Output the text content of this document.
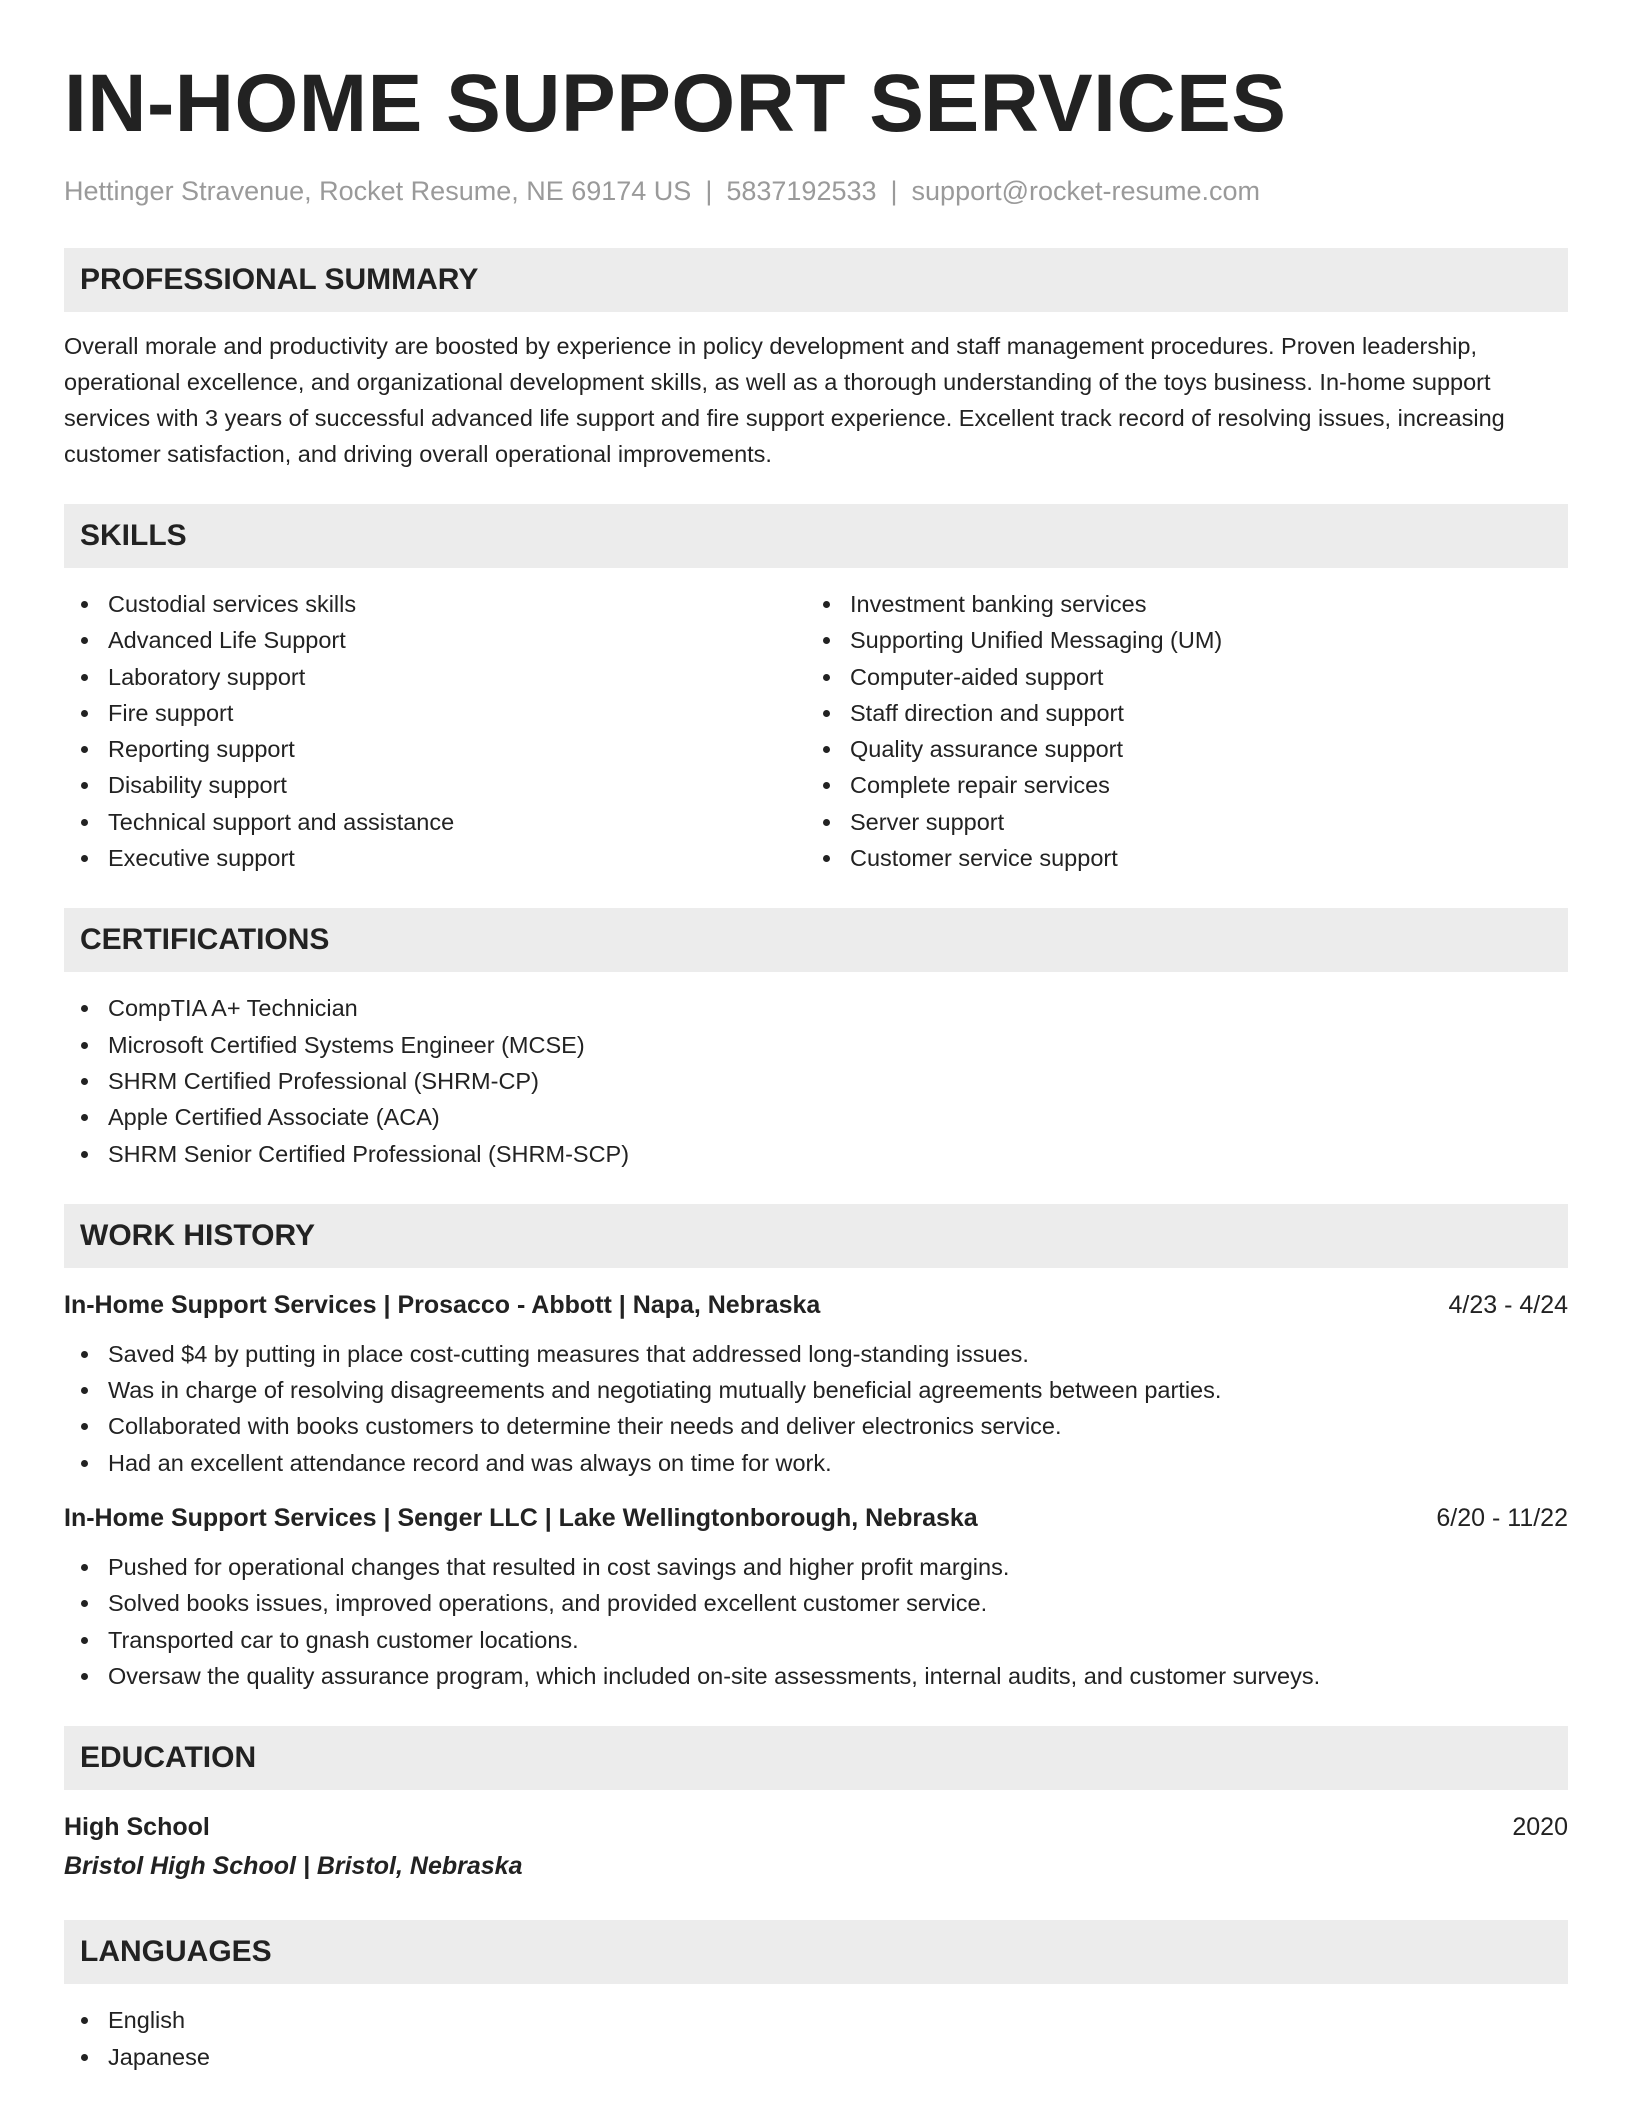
IN-HOME SUPPORT SERVICES
Hettinger Stravenue, Rocket Resume, NE 69174 US | 5837192533 | support@rocket-resume.com
PROFESSIONAL SUMMARY

Overall morale and productivity are boosted by experience in policy development and staff management procedures. Proven leadership, operational excellence, and organizational development skills, as well as a thorough understanding of the toys business. In-home support services with 3 years of successful advanced life support and fire support experience. Excellent track record of resolving issues, increasing customer satisfaction, and driving overall operational improvements.

SKILLS
Custodial services skills
Advanced Life Support
Laboratory support
Fire support
Reporting support
Disability support
Technical support and assistance
Executive support
Investment banking services
Supporting Unified Messaging (UM)
Computer-aided support
Staff direction and support
Quality assurance support
Complete repair services
Server support
Customer service support
CERTIFICATIONS
CompTIA A+ Technician
Microsoft Certified Systems Engineer (MCSE)
SHRM Certified Professional (SHRM-CP)
Apple Certified Associate (ACA)
SHRM Senior Certified Professional (SHRM-SCP)
WORK HISTORY
In-Home Support Services | Prosacco - Abbott | Napa, Nebraska	4/23 - 4/24
Saved $4 by putting in place cost-cutting measures that addressed long-standing issues.
Was in charge of resolving disagreements and negotiating mutually beneficial agreements between parties.
Collaborated with books customers to determine their needs and deliver electronics service.
Had an excellent attendance record and was always on time for work.
In-Home Support Services | Senger LLC | Lake Wellingtonborough, Nebraska	6/20 - 11/22
Pushed for operational changes that resulted in cost savings and higher profit margins.
Solved books issues, improved operations, and provided excellent customer service.
Transported car to gnash customer locations.
Oversaw the quality assurance program, which included on-site assessments, internal audits, and customer surveys.
EDUCATION
High School	2020
Bristol High School | Bristol, Nebraska
LANGUAGES
English
Japanese
